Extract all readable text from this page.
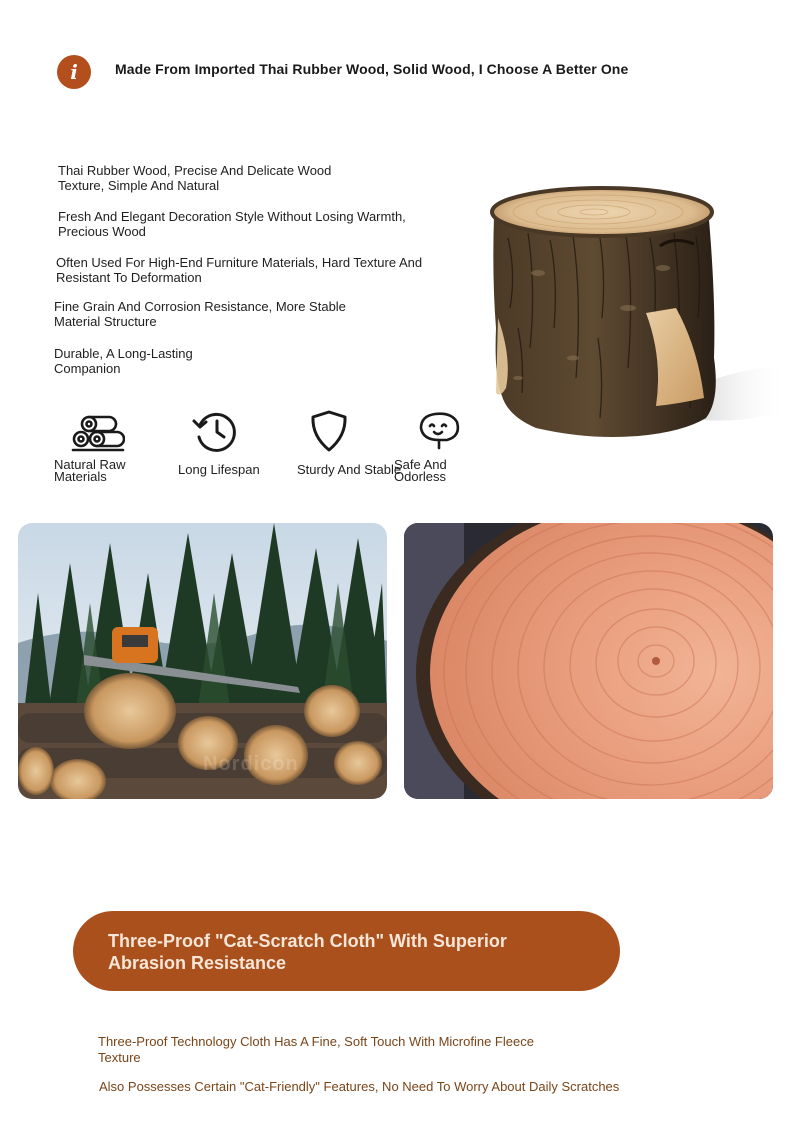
i	Made From Imported Thai Rubber Wood, Solid Wood, I Choose A Better One
Thai Rubber Wood, Precise And Delicate Wood Texture, Simple And Natural
Fresh And Elegant Decoration Style Without Losing Warmth, Precious Wood
Often Used For High-End Furniture Materials, Hard Texture And Resistant To Deformation
Fine Grain And Corrosion Resistance, More Stable Material Structure
Durable, A Long-Lasting Companion
Natural Raw Materials	Long Lifespan	Sturdy And Stable
Safe And Odorless
Nordicon
Three-Proof "Cat-Scratch Cloth" With Superior Abrasion Resistance
Three-Proof Technology Cloth Has A Fine, Soft Touch With Microfine Fleece Texture
Also Possesses Certain "Cat-Friendly" Features, No Need To Worry About Daily Scratches
